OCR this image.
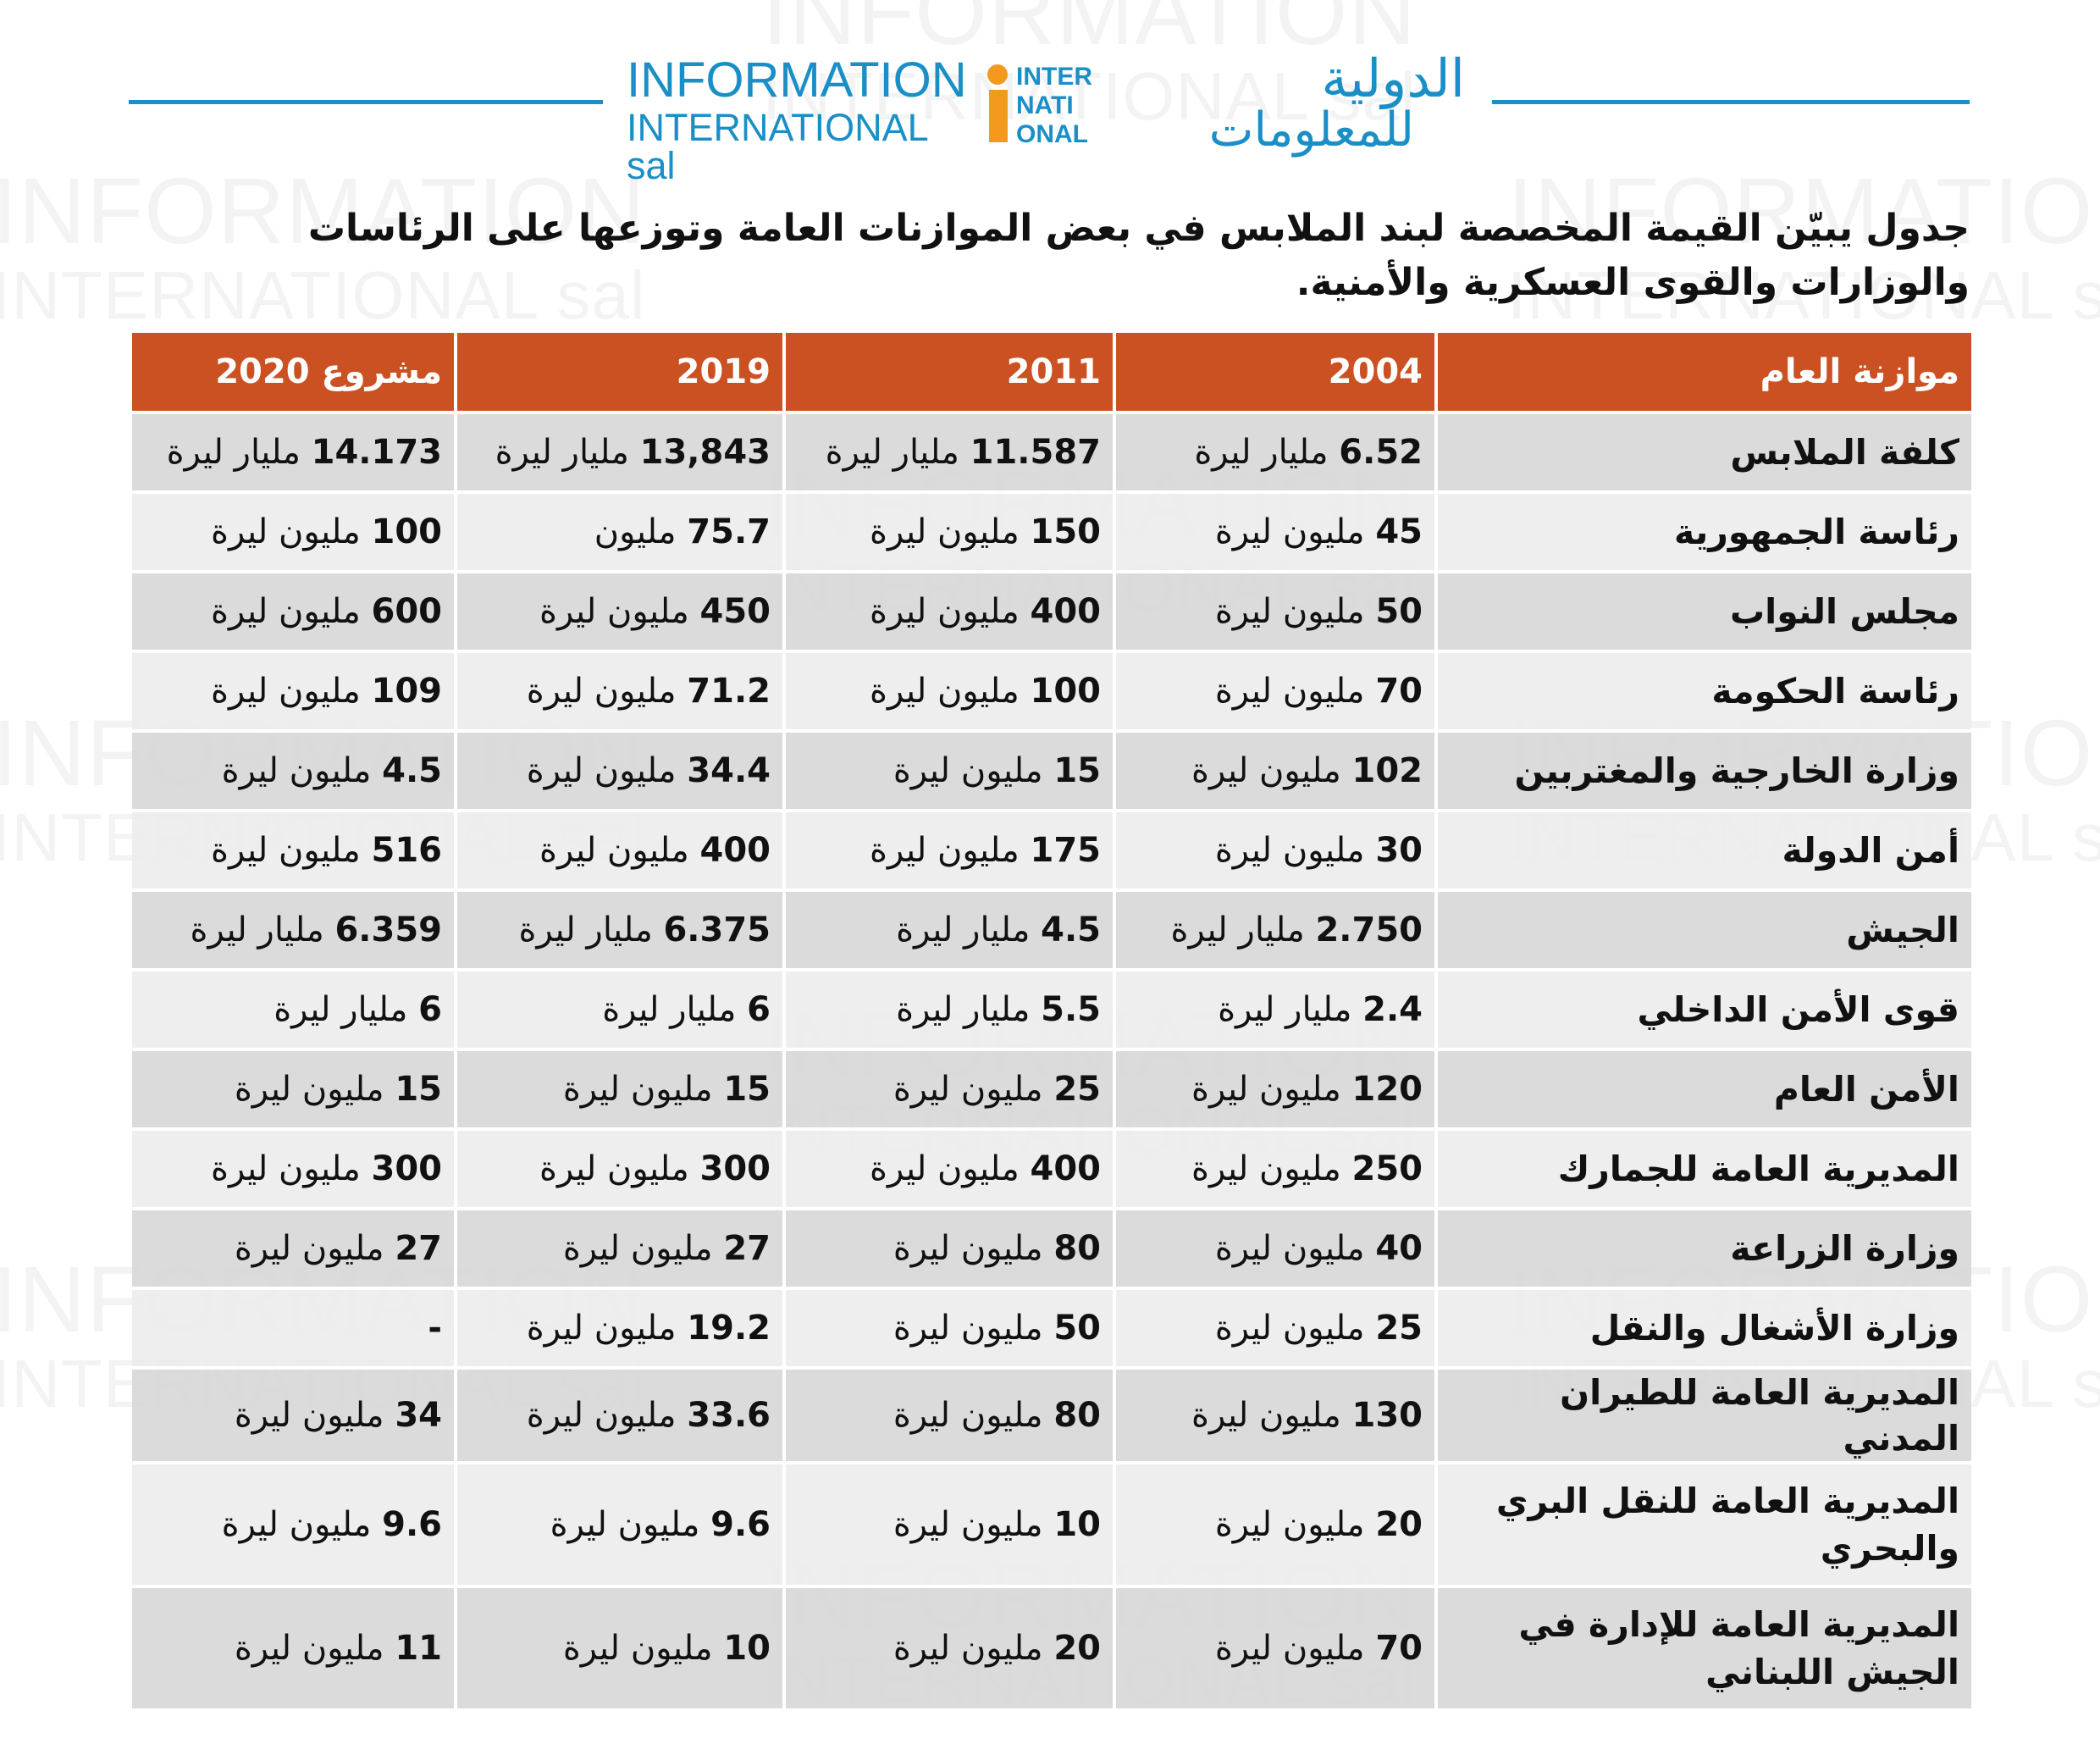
INFORMATION
INTERNATIONAL sal
INTER
NATI
ONAL
الدولية
للمعلومات
جدول يبيّن القيمة المخصصة لبند الملابس في بعض الموازنات العامة وتوزعها على الرئاسات والوزارات والقوى العسكرية والأمنية.
موازنة العام	2004	2011	2019	مشروع 2020
كلفة الملابس	6.52 مليار ليرة	11.587 مليار ليرة	13,843 مليار ليرة	14.173 مليار ليرة
رئاسة الجمهورية	45 مليون ليرة	150 مليون ليرة	75.7 مليون	100 مليون ليرة
مجلس النواب	50 مليون ليرة	400 مليون ليرة	450 مليون ليرة	600 مليون ليرة
رئاسة الحكومة	70 مليون ليرة	100 مليون ليرة	71.2 مليون ليرة	109 مليون ليرة
وزارة الخارجية والمغتربين	102 مليون ليرة	15 مليون ليرة	34.4 مليون ليرة	4.5 مليون ليرة
أمن الدولة	30 مليون ليرة	175 مليون ليرة	400 مليون ليرة	516 مليون ليرة
الجيش	2.750 مليار ليرة	4.5 مليار ليرة	6.375 مليار ليرة	6.359 مليار ليرة
قوى الأمن الداخلي	2.4 مليار ليرة	5.5 مليار ليرة	6 مليار ليرة	6 مليار ليرة
الأمن العام	120 مليون ليرة	25 مليون ليرة	15 مليون ليرة	15 مليون ليرة
المديرية العامة للجمارك	250 مليون ليرة	400 مليون ليرة	300 مليون ليرة	300 مليون ليرة
وزارة الزراعة	40 مليون ليرة	80 مليون ليرة	27 مليون ليرة	27 مليون ليرة
وزارة الأشغال والنقل	25 مليون ليرة	50 مليون ليرة	19.2 مليون ليرة	-
المديرية العامة للطيران المدني	130 مليون ليرة	80 مليون ليرة	33.6 مليون ليرة	34 مليون ليرة
المديرية العامة للنقل البري والبحري	20 مليون ليرة	10 مليون ليرة	9.6 مليون ليرة	9.6 مليون ليرة
المديرية العامة للإدارة في الجيش اللبناني	70 مليون ليرة	20 مليون ليرة	10 مليون ليرة	11 مليون ليرة
